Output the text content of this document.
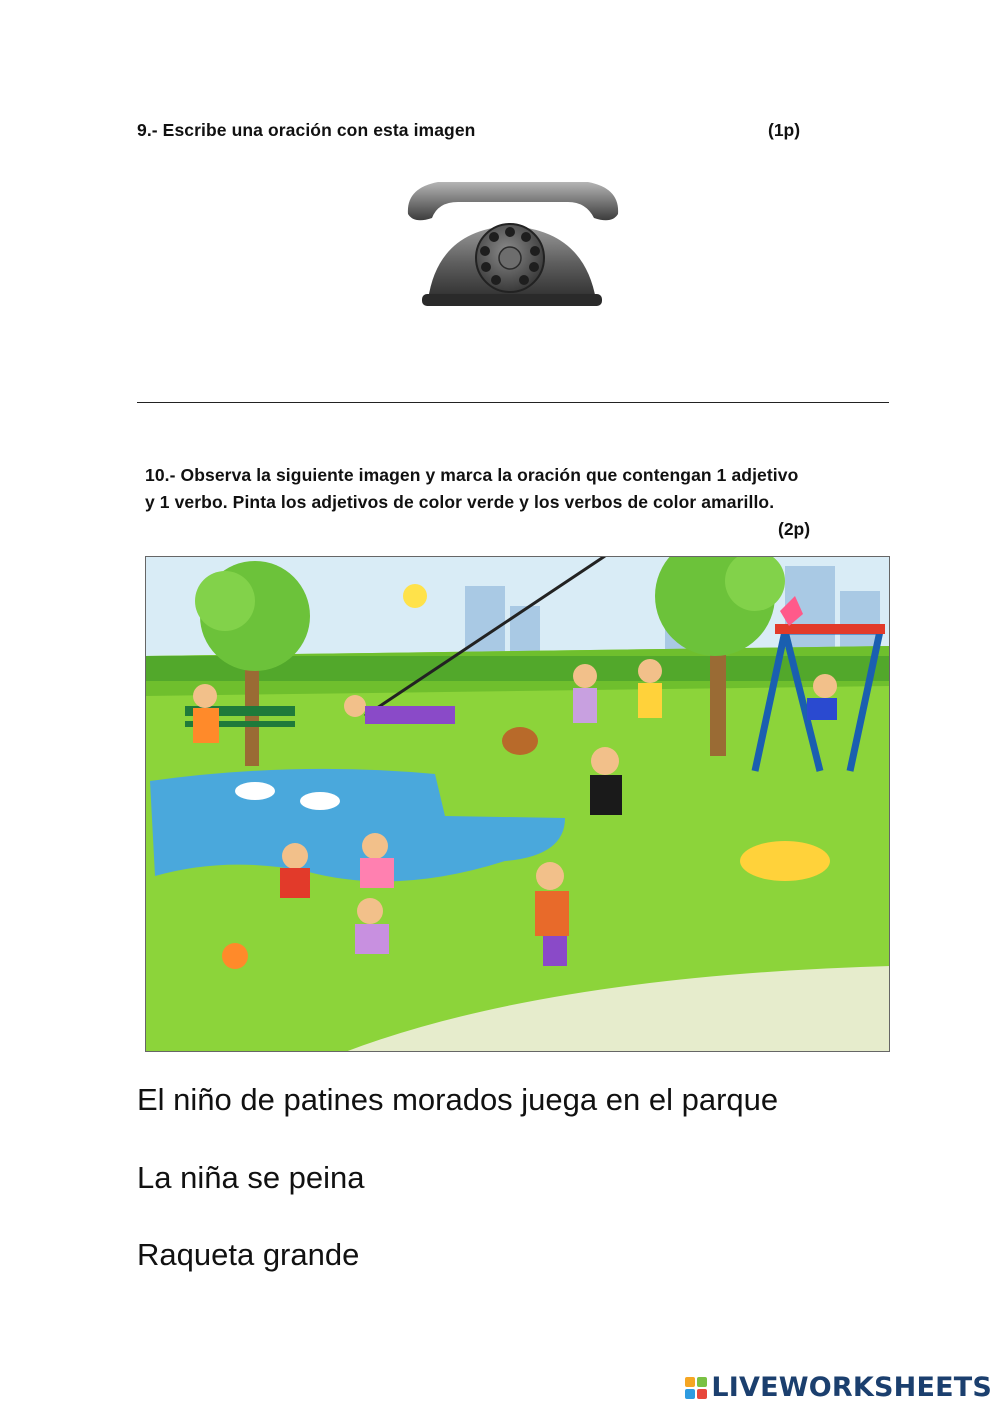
9.- Escribe una oración con esta imagen	(1p)
10.- Observa la siguiente imagen y marca la oración que contengan 1 adjetivo
y 1 verbo. Pinta los adjetivos de color verde y los verbos de color amarillo.
(2p)
El niño de patines morados juega en el parque
La niña se peina
Raqueta grande
LIVEWORKSHEETS
